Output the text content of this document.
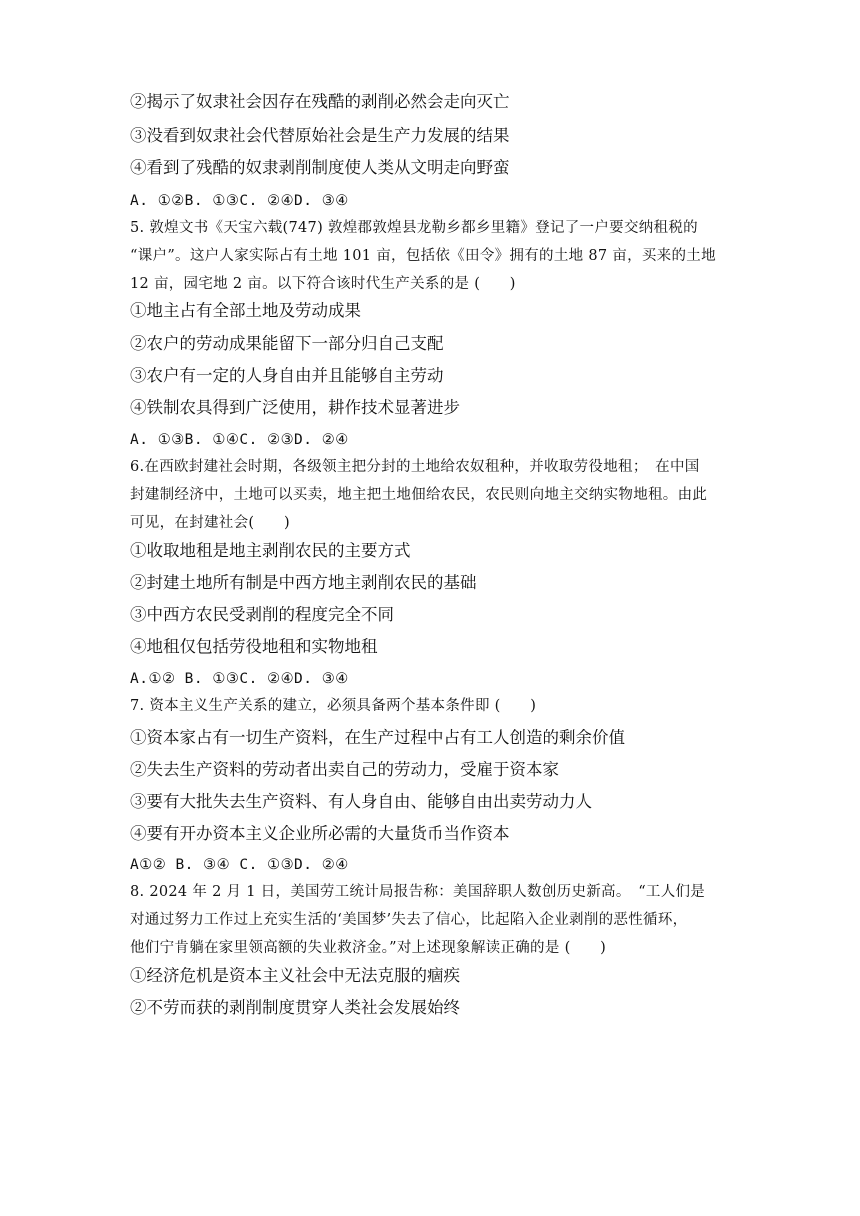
②揭示了奴隶社会因存在残酷的剥削必然会走向灭亡
③没看到奴隶社会代替原始社会是生产力发展的结果
④看到了残酷的奴隶剥削制度使人类从文明走向野蛮
A. ①②B. ①③C. ②④D. ③④
5. 敦煌文书《天宝六载(747) 敦煌郡敦煌县龙勒乡都乡里籍》登记了一户要交纳租税的
“课户”。这户人家实际占有土地 101 亩，包括依《田令》拥有的土地 87 亩，买来的土地
12 亩，园宅地 2 亩。以下符合该时代生产关系的是 (　　)
①地主占有全部土地及劳动成果
②农户的劳动成果能留下一部分归自己支配
③农户有一定的人身自由并且能够自主劳动
④铁制农具得到广泛使用，耕作技术显著进步
A. ①③B. ①④C. ②③D. ②④
6.在西欧封建社会时期，各级领主把分封的土地给农奴租种，并收取劳役地租；　在中国
封建制经济中，土地可以买卖，地主把土地佃给农民，农民则向地主交纳实物地租。由此
可见，在封建社会(　　)
①收取地租是地主剥削农民的主要方式
②封建土地所有制是中西方地主剥削农民的基础
③中西方农民受剥削的程度完全不同
④地租仅包括劳役地租和实物地租
A.①② B. ①③C. ②④D. ③④
7. 资本主义生产关系的建立，必须具备两个基本条件即 (　　)
①资本家占有一切生产资料，在生产过程中占有工人创造的剩余价值
②失去生产资料的劳动者出卖自己的劳动力，受雇于资本家
③要有大批失去生产资料、有人身自由、能够自由出卖劳动力人
④要有开办资本主义企业所必需的大量货币当作资本
A①② B. ③④ C. ①③D. ②④
8. 2024 年 2 月 1 日，美国劳工统计局报告称：美国辞职人数创历史新高。　“工人们是
对通过努力工作过上充实生活的‘美国梦’失去了信心，比起陷入企业剥削的恶性循环，
他们宁肯躺在家里领高额的失业救济金。”对上述现象解读正确的是 (　　)
①经济危机是资本主义社会中无法克服的痼疾
②不劳而获的剥削制度贯穿人类社会发展始终
